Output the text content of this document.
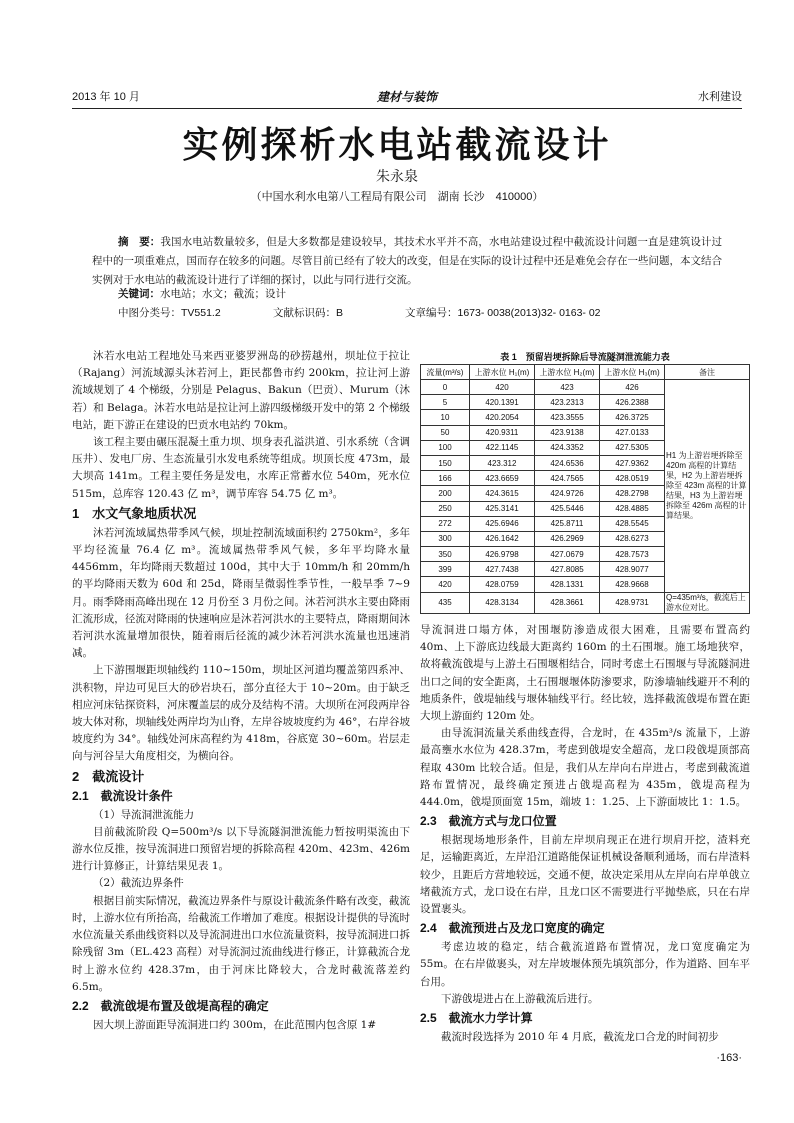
2013 年 10 月	建材与装饰	水利建设
实例探析水电站截流设计
朱永泉
（中国水利水电第八工程局有限公司　湖南 长沙　410000）
摘　要：我国水电站数量较多，但是大多数都是建设较早，其技术水平并不高，水电站建设过程中截流设计问题一直是建筑设计过程中的一项重难点，国而存在较多的问题。尽管目前已经有了较大的改变，但是在实际的设计过程中还是难免会存在一些问题，本文结合实例对于水电站的截流设计进行了详细的探讨，以此与同行进行交流。
关键词：水电站；水文；截流；设计
中图分类号：TV551.2	文献标识码：B	文章编号：1673- 0038(2013)32- 0163- 02

沐若水电站工程地处马来西亚婆罗洲岛的砂捞越州，坝址位于拉让（Rajang）河流域源头沐若河上，距民都鲁市约 200km，拉让河上游流域规划了 4 个梯级，分别是 Pelagus、Bakun（巴贡）、Murum（沐若）和 Belaga。沐若水电站是拉让河上游四级梯级开发中的第 2 个梯级电站，距下游正在建设的巴贡水电站约 70km。

该工程主要由碾压混凝土重力坝、坝身表孔溢洪道、引水系统（含调压井）、发电厂房、生态流量引水发电系统等组成。坝顶长度 473m，最大坝高 141m。工程主要任务是发电，水库正常蓄水位 540m，死水位 515m，总库容 120.43 亿 m³，调节库容 54.75 亿 m³。

1　水文气象地质状况

沐若河流域属热带季风气候，坝址控制流域面积约 2750km²，多年平均径流量 76.4 亿 m³。流域属热带季风气候，多年平均降水量 4456mm，年均降雨天数超过 100d，其中大于 10mm/h 和 20mm/h 的平均降雨天数为 60d 和 25d，降雨呈微弱性季节性，一般旱季 7~9 月。雨季降雨高峰出现在 12 月份至 3 月份之间。沐若河洪水主要由降雨汇流形成，径流对降雨的快速响应是沐若河洪水的主要特点，降雨期间沐若河洪水流量增加很快，随着雨后径流的减少沐若河洪水流量也迅速消减。

上下游围堰距坝轴线约 110~150m，坝址区河道均覆盖第四系冲、洪积物，岸边可见巨大的砂岩块石，部分直径大于 10~20m。由于缺乏相应河床钻探资料，河床覆盖层的成分及结构不清。大坝所在河段两岸谷坡大体对称，坝轴线处两岸均为山脊，左岸谷坡坡度约为 46°，右岸谷坡坡度约为 34°。轴线处河床高程约为 418m，谷底宽 30~60m。岩层走向与河谷呈大角度相交，为横向谷。

2　截流设计
2.1　截流设计条件

（1）导流洞泄流能力

目前截流阶段 Q=500m³/s 以下导流隧洞泄流能力暂按明渠流由下游水位反推，按导流洞进口预留岩埂的拆除高程 420m、423m、426m 进行计算修正，计算结果见表 1。

（2）截流边界条件

根据目前实际情况，截流边界条件与原设计截流条件略有改变，截流时，上游水位有所抬高，给截流工作增加了难度。根据设计提供的导流时水位流量关系曲线资料以及导流洞进出口水位流量资料，按导流洞进口拆除残留 3m（EL.423 高程）对导流洞过流曲线进行修正，计算截流合龙时上游水位约 428.37m，由于河床比降较大，合龙时截流落差约 6.5m。

2.2　截流戗堤布置及戗堤高程的确定

因大坝上游面距导流洞进口约 300m，在此范围内包含原 1#

表 1　预留岩埂拆除后导流隧洞泄流能力表
流量(m³/s)	上游水位 H₁(m)	上游水位 H₂(m)	上游水位 H₃(m)	备注
0	420	423	426	H1 为上游岩埂拆除至 420m 高程的计算结果，H2 为上游岩埂拆除至 423m 高程的计算结果，H3 为上游岩埂拆除至 426m 高程的计算结果。
5	420.1391	423.2313	426.2388	
10	420.2054	423.3555	426.3725	
50	420.9311	423.9138	427.0133	
100	422.1145	424.3352	427.5305	
150	423.312	424.6536	427.9362	
166	423.6659	424.7565	428.0519	
200	424.3615	424.9726	428.2798	
250	425.3141	425.5446	428.4885	
272	425.6946	425.8711	428.5545	
300	426.1642	426.2969	428.6273	
350	426.9798	427.0679	428.7573	
399	427.7438	427.8085	428.9077	
420	428.0759	428.1331	428.9668	
435	428.3134	428.3661	428.9731	Q=435m³/s，截流后上游水位对比。

导流洞进口塌方体，对围堰防渗造成很大困难，且需要布置高约 40m、上下游底边线最大距离约 160m 的土石围堰。施工场地狭窄，故将截流戗堤与上游土石围堰相结合，同时考虑土石围堰与导流隧洞进出口之间的安全距离，土石围堰堰体防渗要求，防渗墙轴线避开不利的地质条件，戗堤轴线与堰体轴线平行。经比较，选择截流戗堤布置在距大坝上游面约 120m 处。

由导流洞流量关系曲线查得，合龙时，在 435m³/s 流量下，上游最高壅水水位为 428.37m，考虑到戗堤安全超高，龙口段戗堤顶部高程取 430m 比较合适。但是，我们从左岸向右岸进占，考虑到截流道路布置情况，最终确定预进占戗堤高程为 435m，戗堤高程为 444.0m，戗堤顶面宽 15m，端坡 1：1.25、上下游面坡比 1：1.5。

2.3　截流方式与龙口位置

根据现场地形条件，目前左岸坝肩现正在进行坝肩开挖，渣料充足，运输距离近，左岸沿江道路能保证机械设备顺利通场，而右岸渣料较少，且距后方营地较远，交通不便，故决定采用从左岸向右岸单戗立堵截流方式，龙口设在右岸，且龙口区不需要进行平抛垫底，只在右岸设置裹头。

2.4　截流预进占及龙口宽度的确定

考虑边坡的稳定，结合截流道路布置情况，龙口宽度确定为 55m。在右岸做裹头，对左岸坡堰体预先填筑部分，作为道路、回车平台用。

下游戗堤进占在上游截流后进行。

2.5　截流水力学计算

截流时段选择为 2010 年 4 月底，截流龙口合龙的时间初步

·163·
